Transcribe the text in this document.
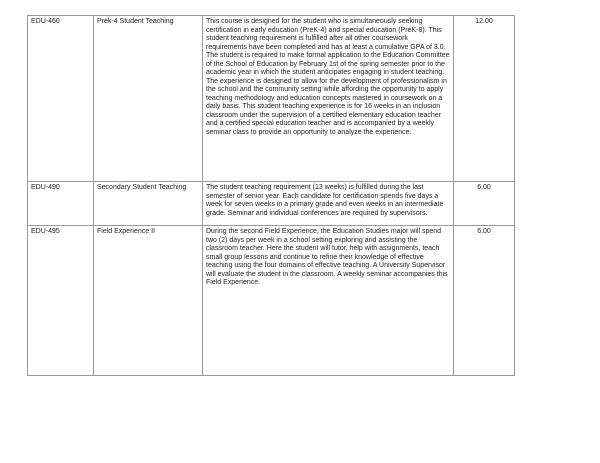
EDU-460	Prek-4 Student Teaching	This course is designed for the student who is simultaneously seeking certification in early education (PreK-4) and special education (PreK-8). This student teaching requirement is fulfilled after all other coursework requirements have been completed and has at least a cumulative GPA of 3.0. The student is required to make formal application to the Education Committee of the School of Education by February 1st of the spring semester prior to the academic year in which the student anticipates engaging in student teaching. The experience is designed to allow for the development of professionalism in the school and the community setting while affording the opportunity to apply teaching methodology and education concepts mastered in coursework on a daily basis. This student teaching experience is for 16 weeks in an inclusion classroom under the supervision of a certified elementary education teacher and a certified special education teacher and is accompanied by a weekly seminar class to provide an opportunity to analyze the experience.	12.00
EDU-490	Secondary Student Teaching	The student teaching requirement (13 weeks) is fulfilled during the last semester of senior year. Each candidate for certification spends five days a week for seven weeks in a primary grade and even weeks in an intermediate grade. Seminar and individual conferences are required by supervisors.	6.00
EDU-495	Field Experience II	During the second Field Experience, the Education Studies major will spend two (2) days per week in a school setting exploring and assisting the classroom teacher. Here the student will tutor, help with assignments, teach small group lessons and continue to refine their knowledge of effective teaching using the four domains of effective teaching. A University Supervisor will evaluate the student in the classroom. A weekly seminar accompanies this Field Experience.	6.00
